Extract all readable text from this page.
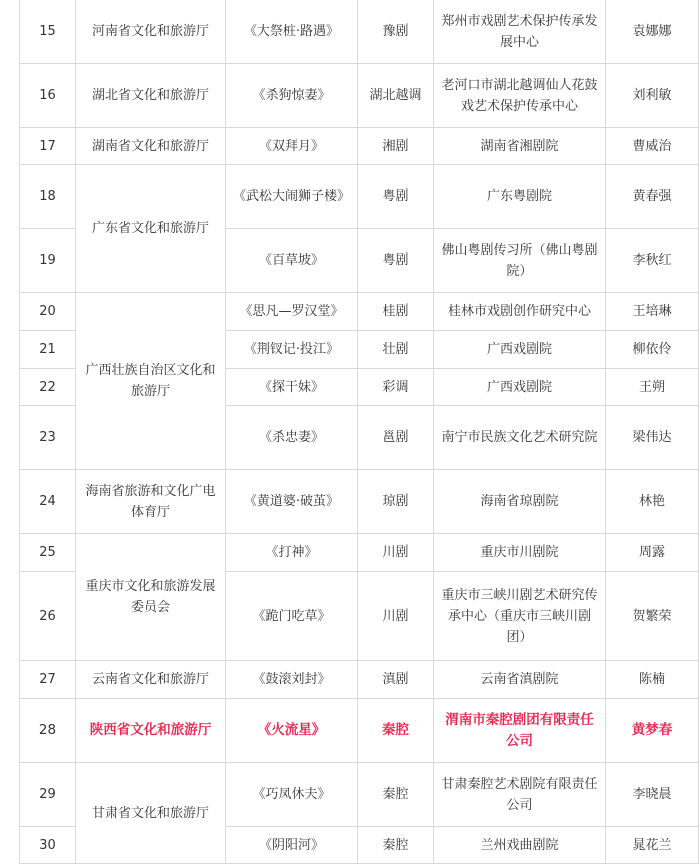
15	河南省文化和旅游厅	《大祭桩·路遇》	豫剧	郑州市戏剧艺术保护传承发展中心	袁娜娜
16	湖北省文化和旅游厅	《杀狗惊妻》	湖北越调	老河口市湖北越调仙人花鼓戏艺术保护传承中心	刘利敏
17	湖南省文化和旅游厅	《双拜月》	湘剧	湖南省湘剧院	曹威治
18	广东省文化和旅游厅	《武松大闹狮子楼》	粤剧	广东粤剧院	黄春强
19		《百草坡》	粤剧	佛山粤剧传习所（佛山粤剧院）	李秋红
20	广西壮族自治区文化和旅游厅	《思凡—罗汉堂》	桂剧	桂林市戏剧创作研究中心	王培琳
21		《荆钗记·投江》	壮剧	广西戏剧院	柳依伶
22		《探干妹》	彩调	广西戏剧院	王朔
23		《杀忠妻》	邕剧	南宁市民族文化艺术研究院	梁伟达
24	海南省旅游和文化广电体育厅	《黄道婆·破茧》	琼剧	海南省琼剧院	林艳
25	重庆市文化和旅游发展委员会	《打神》	川剧	重庆市川剧院	周露
26		《跪门吃草》	川剧	重庆市三峡川剧艺术研究传承中心（重庆市三峡川剧团）	贺繁荣
27	云南省文化和旅游厅	《鼓滚刘封》	滇剧	云南省滇剧院	陈楠
28	陕西省文化和旅游厅	《火流星》	秦腔	渭南市秦腔剧团有限责任公司	黄梦春
29	甘肃省文化和旅游厅	《巧凤休夫》	秦腔	甘肃秦腔艺术剧院有限责任公司	李晓晨
30		《阴阳河》	秦腔	兰州戏曲剧院	晁花兰
